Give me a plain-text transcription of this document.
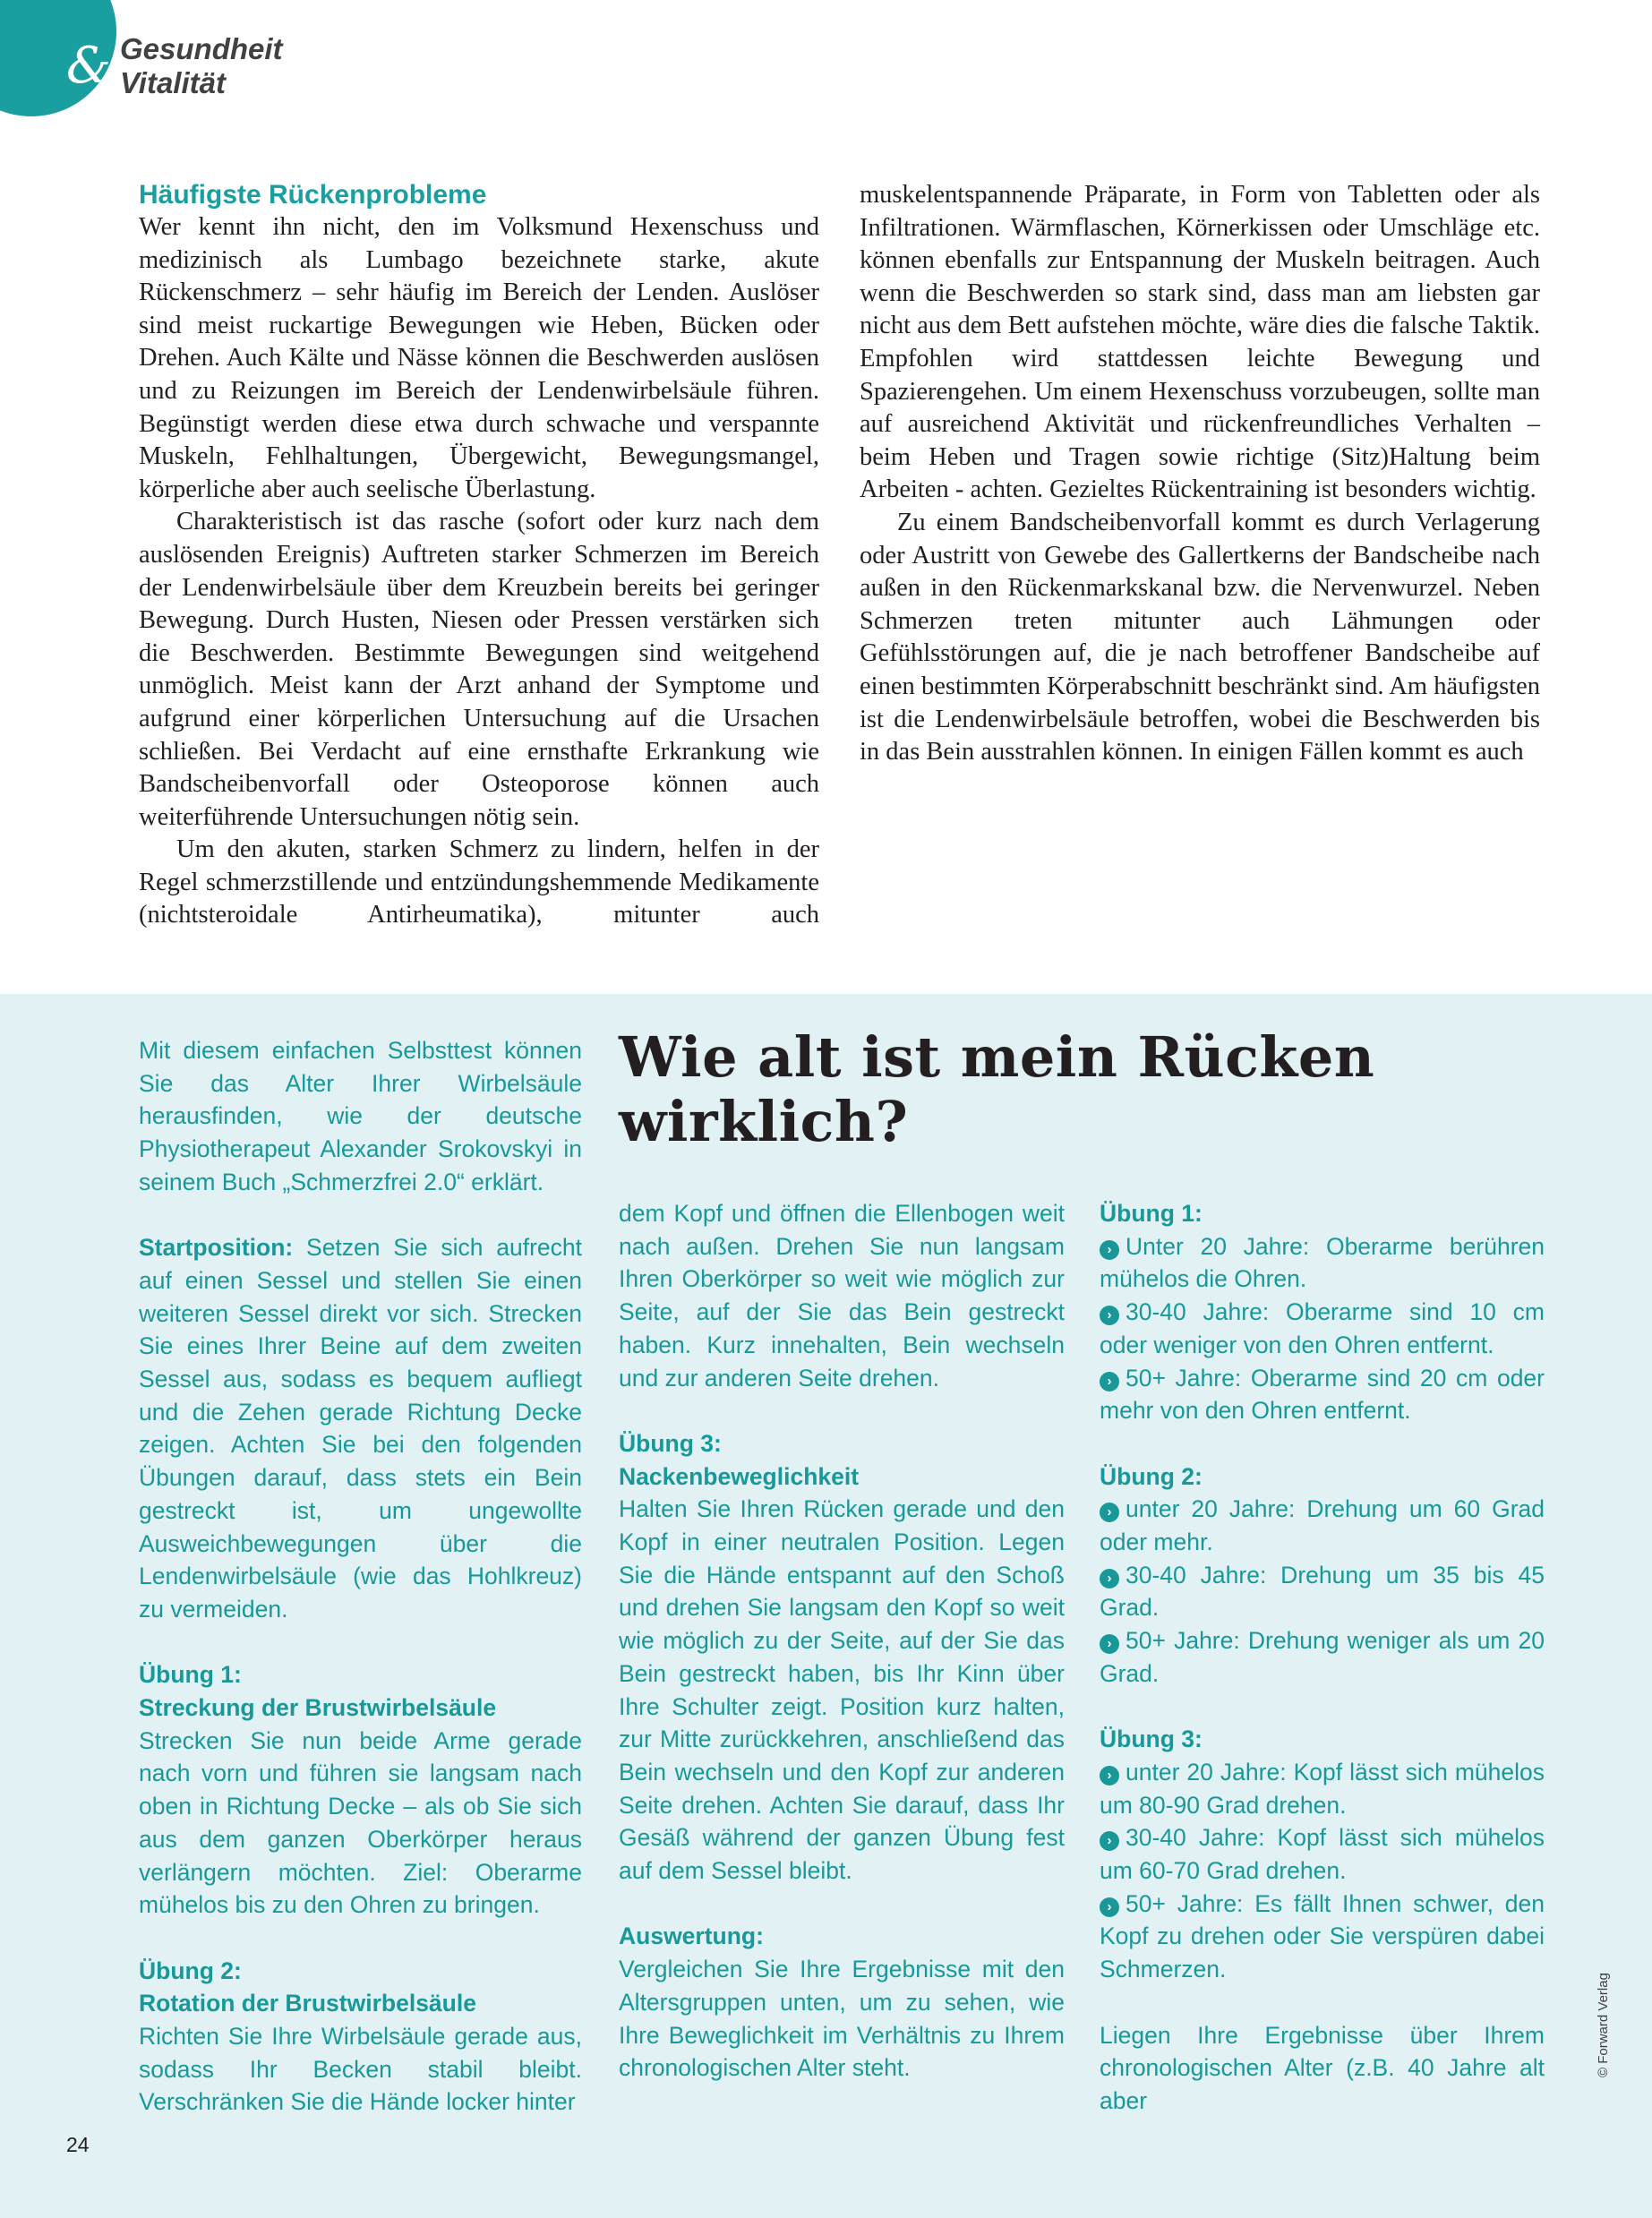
& Gesundheit
Vitalität
Häufigste Rückenprobleme

Wer kennt ihn nicht, den im Volksmund Hexenschuss und medizinisch als Lumbago bezeichnete starke, akute Rückenschmerz – sehr häufig im Bereich der Lenden. Auslöser sind meist ruckartige Bewegungen wie Heben, Bücken oder Drehen. Auch Kälte und Nässe können die Beschwerden auslösen und zu Reizungen im Bereich der Lendenwirbelsäule führen. Begünstigt werden diese etwa durch schwache und verspannte Muskeln, Fehlhaltungen, Übergewicht, Bewegungsmangel, körperliche aber auch seelische Überlastung.

Charakteristisch ist das rasche (sofort oder kurz nach dem auslösenden Ereignis) Auftreten starker Schmerzen im Bereich der Lendenwirbelsäule über dem Kreuzbein bereits bei geringer Bewegung. Durch Husten, Niesen oder Pressen verstärken sich die Beschwerden. Bestimmte Bewegungen sind weitgehend unmöglich. Meist kann der Arzt anhand der Symptome und aufgrund einer körperlichen Untersuchung auf die Ursachen schließen. Bei Verdacht auf eine ernsthafte Erkrankung wie Bandscheibenvorfall oder Osteoporose können auch weiterführende Untersuchungen nötig sein.

Um den akuten, starken Schmerz zu lindern, helfen in der Regel schmerzstillende und entzündungshemmende Medikamente (nichtsteroidale Antirheumatika), mitunter auch muskelentspannende Präparate, in Form von Tabletten oder als Infiltrationen. Wärmflaschen, Körnerkissen oder Umschläge etc. können ebenfalls zur Entspannung der Muskeln beitragen. Auch wenn die Beschwerden so stark sind, dass man am liebsten gar nicht aus dem Bett aufstehen möchte, wäre dies die falsche Taktik. Empfohlen wird stattdessen leichte Bewegung und Spazierengehen. Um einem Hexenschuss vorzubeugen, sollte man auf ausreichend Aktivität und rückenfreundliches Verhalten – beim Heben und Tragen sowie richtige (Sitz)Haltung beim Arbeiten - achten. Gezieltes Rückentraining ist besonders wichtig.

Zu einem Bandscheibenvorfall kommt es durch Verlagerung oder Austritt von Gewebe des Gallertkerns der Bandscheibe nach außen in den Rückenmarkskanal bzw. die Nervenwurzel. Neben Schmerzen treten mitunter auch Lähmungen oder Gefühlsstörungen auf, die je nach betroffener Bandscheibe auf einen bestimmten Körperabschnitt beschränkt sind. Am häufigsten ist die Lendenwirbelsäule betroffen, wobei die Beschwerden bis in das Bein ausstrahlen können. In einigen Fällen kommt es auch

Wie alt ist mein Rücken wirklich?

Mit diesem einfachen Selbsttest können Sie das Alter Ihrer Wirbelsäule herausfinden, wie der deutsche Physiotherapeut Alexander Srokovskyi in seinem Buch „Schmerzfrei 2.0“ erklärt.

Startposition: Setzen Sie sich aufrecht auf einen Sessel und stellen Sie einen weiteren Sessel direkt vor sich. Strecken Sie eines Ihrer Beine auf dem zweiten Sessel aus, sodass es bequem aufliegt und die Zehen gerade Richtung Decke zeigen. Achten Sie bei den folgenden Übungen darauf, dass stets ein Bein gestreckt ist, um ungewollte Ausweichbewegungen über die Lendenwirbelsäule (wie das Hohlkreuz) zu vermeiden.

Übung 1:
Streckung der Brustwirbelsäule
Strecken Sie nun beide Arme gerade nach vorn und führen sie langsam nach oben in Richtung Decke – als ob Sie sich aus dem ganzen Oberkörper heraus verlängern möchten. Ziel: Oberarme mühelos bis zu den Ohren zu bringen.

Übung 2:
Rotation der Brustwirbelsäule
Richten Sie Ihre Wirbelsäule gerade aus, sodass Ihr Becken stabil bleibt. Verschränken Sie die Hände locker hinter

dem Kopf und öffnen die Ellenbogen weit nach außen. Drehen Sie nun langsam Ihren Oberkörper so weit wie möglich zur Seite, auf der Sie das Bein gestreckt haben. Kurz innehalten, Bein wechseln und zur anderen Seite drehen.

Übung 3:
Nackenbeweglichkeit
Halten Sie Ihren Rücken gerade und den Kopf in einer neutralen Position. Legen Sie die Hände entspannt auf den Schoß und drehen Sie langsam den Kopf so weit wie möglich zu der Seite, auf der Sie das Bein gestreckt haben, bis Ihr Kinn über Ihre Schulter zeigt. Position kurz halten, zur Mitte zurückkehren, anschließend das Bein wechseln und den Kopf zur anderen Seite drehen. Achten Sie darauf, dass Ihr Gesäß während der ganzen Übung fest auf dem Sessel bleibt.

Auswertung:
Vergleichen Sie Ihre Ergebnisse mit den Altersgruppen unten, um zu sehen, wie Ihre Beweglichkeit im Verhältnis zu Ihrem chronologischen Alter steht.

Übung 1:
› Unter 20 Jahre: Oberarme berühren mühelos die Ohren.
› 30-40 Jahre: Oberarme sind 10 cm oder weniger von den Ohren entfernt.
› 50+ Jahre: Oberarme sind 20 cm oder mehr von den Ohren entfernt.

Übung 2:
› unter 20 Jahre: Drehung um 60 Grad oder mehr.
› 30-40 Jahre: Drehung um 35 bis 45 Grad.
› 50+ Jahre: Drehung weniger als um 20 Grad.

Übung 3:
› unter 20 Jahre: Kopf lässt sich mühelos um 80-90 Grad drehen.
› 30-40 Jahre: Kopf lässt sich mühelos um 60-70 Grad drehen.
› 50+ Jahre: Es fällt Ihnen schwer, den Kopf zu drehen oder Sie verspüren dabei Schmerzen.

Liegen Ihre Ergebnisse über Ihrem chronologischen Alter (z.B. 40 Jahre alt aber

© Forward Verlag
24
